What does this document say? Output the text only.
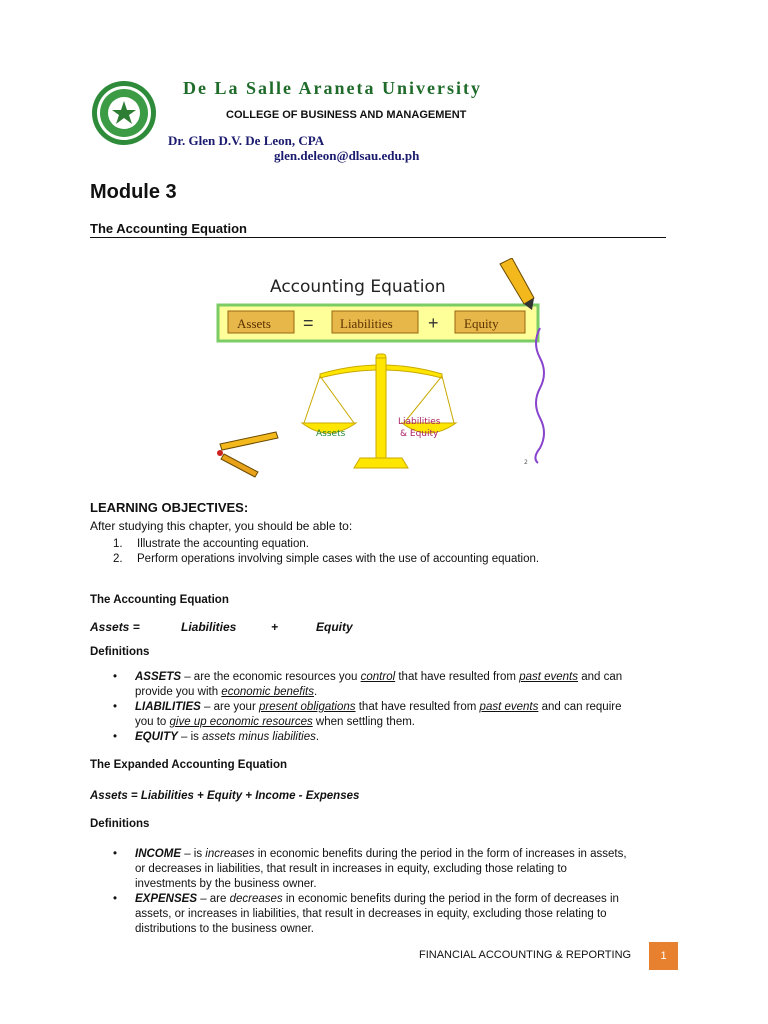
De La Salle Araneta University
COLLEGE OF BUSINESS AND MANAGEMENT
Dr. Glen D.V. De Leon, CPA
glen.deleon@dlsau.edu.ph
Module 3
The Accounting Equation
Accounting Equation
Assets = Liabilities + Equity
Assets
Liabilities
& Equity
2
LEARNING OBJECTIVES:
After studying this chapter, you should be able to:
1. Illustrate the accounting equation.
2. Perform operations involving simple cases with the use of accounting equation.
The Accounting Equation
Assets =	Liabilities	+	Equity
Definitions
• ASSETS – are the economic resources you control that have resulted from past events and can
provide you with economic benefits.
• LIABILITIES – are your present obligations that have resulted from past events and can require
you to give up economic resources when settling them.
• EQUITY – is assets minus liabilities.
The Expanded Accounting Equation
Assets = Liabilities + Equity + Income - Expenses
Definitions
• INCOME – is increases in economic benefits during the period in the form of increases in assets,
or decreases in liabilities, that result in increases in equity, excluding those relating to
investments by the business owner.
• EXPENSES – are decreases in economic benefits during the period in the form of decreases in
assets, or increases in liabilities, that result in decreases in equity, excluding those relating to
distributions to the business owner.
FINANCIAL ACCOUNTING & REPORTING	1
